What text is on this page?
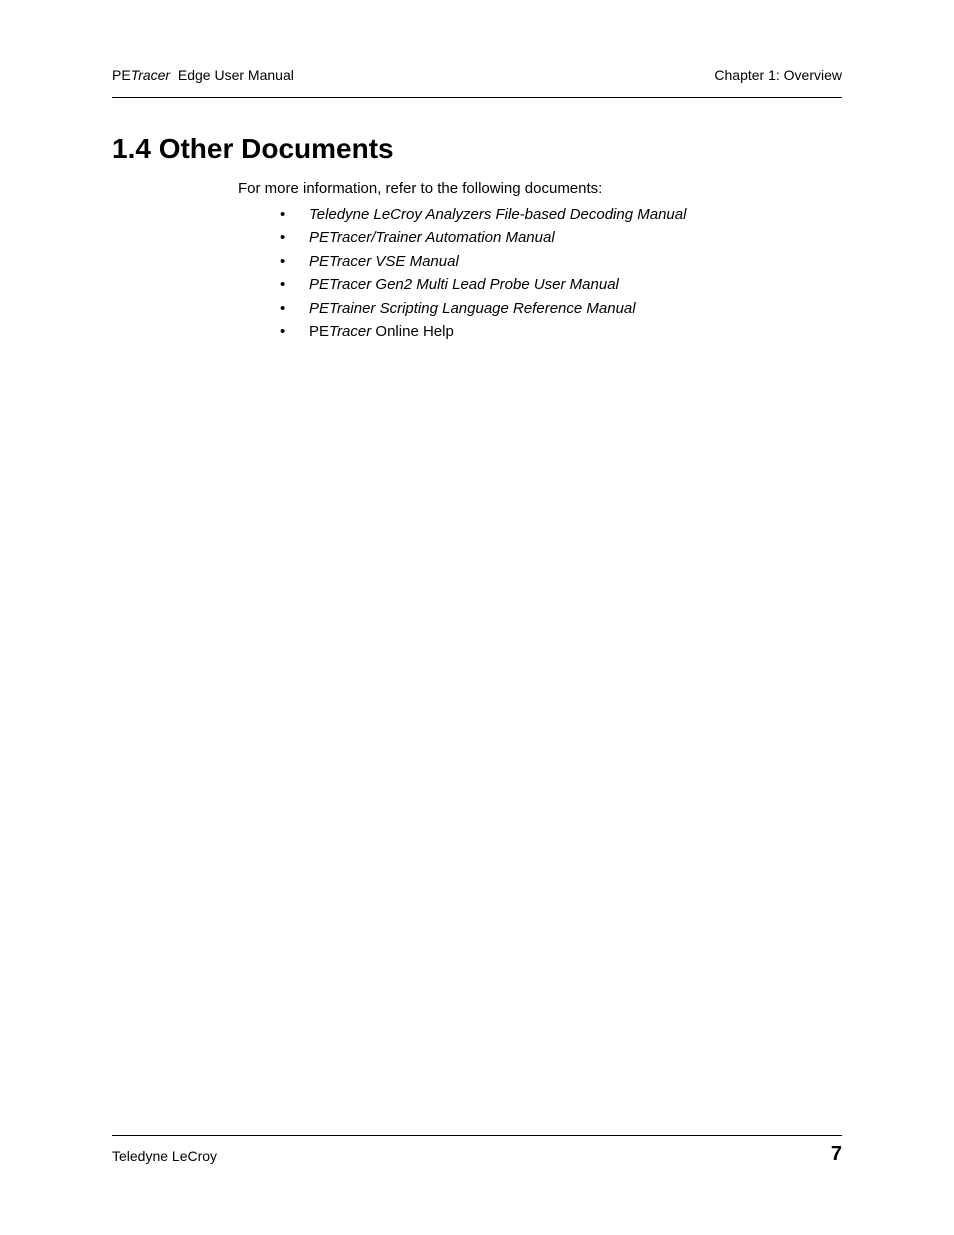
PETracer Edge User Manual	Chapter 1: Overview
1.4 Other Documents

For more information, refer to the following documents:

• Teledyne LeCroy Analyzers File-based Decoding Manual
• PETracer/Trainer Automation Manual
• PETracer VSE Manual
• PETracer Gen2 Multi Lead Probe User Manual
• PETrainer Scripting Language Reference Manual
• PETracer Online Help
Teledyne LeCroy	7
